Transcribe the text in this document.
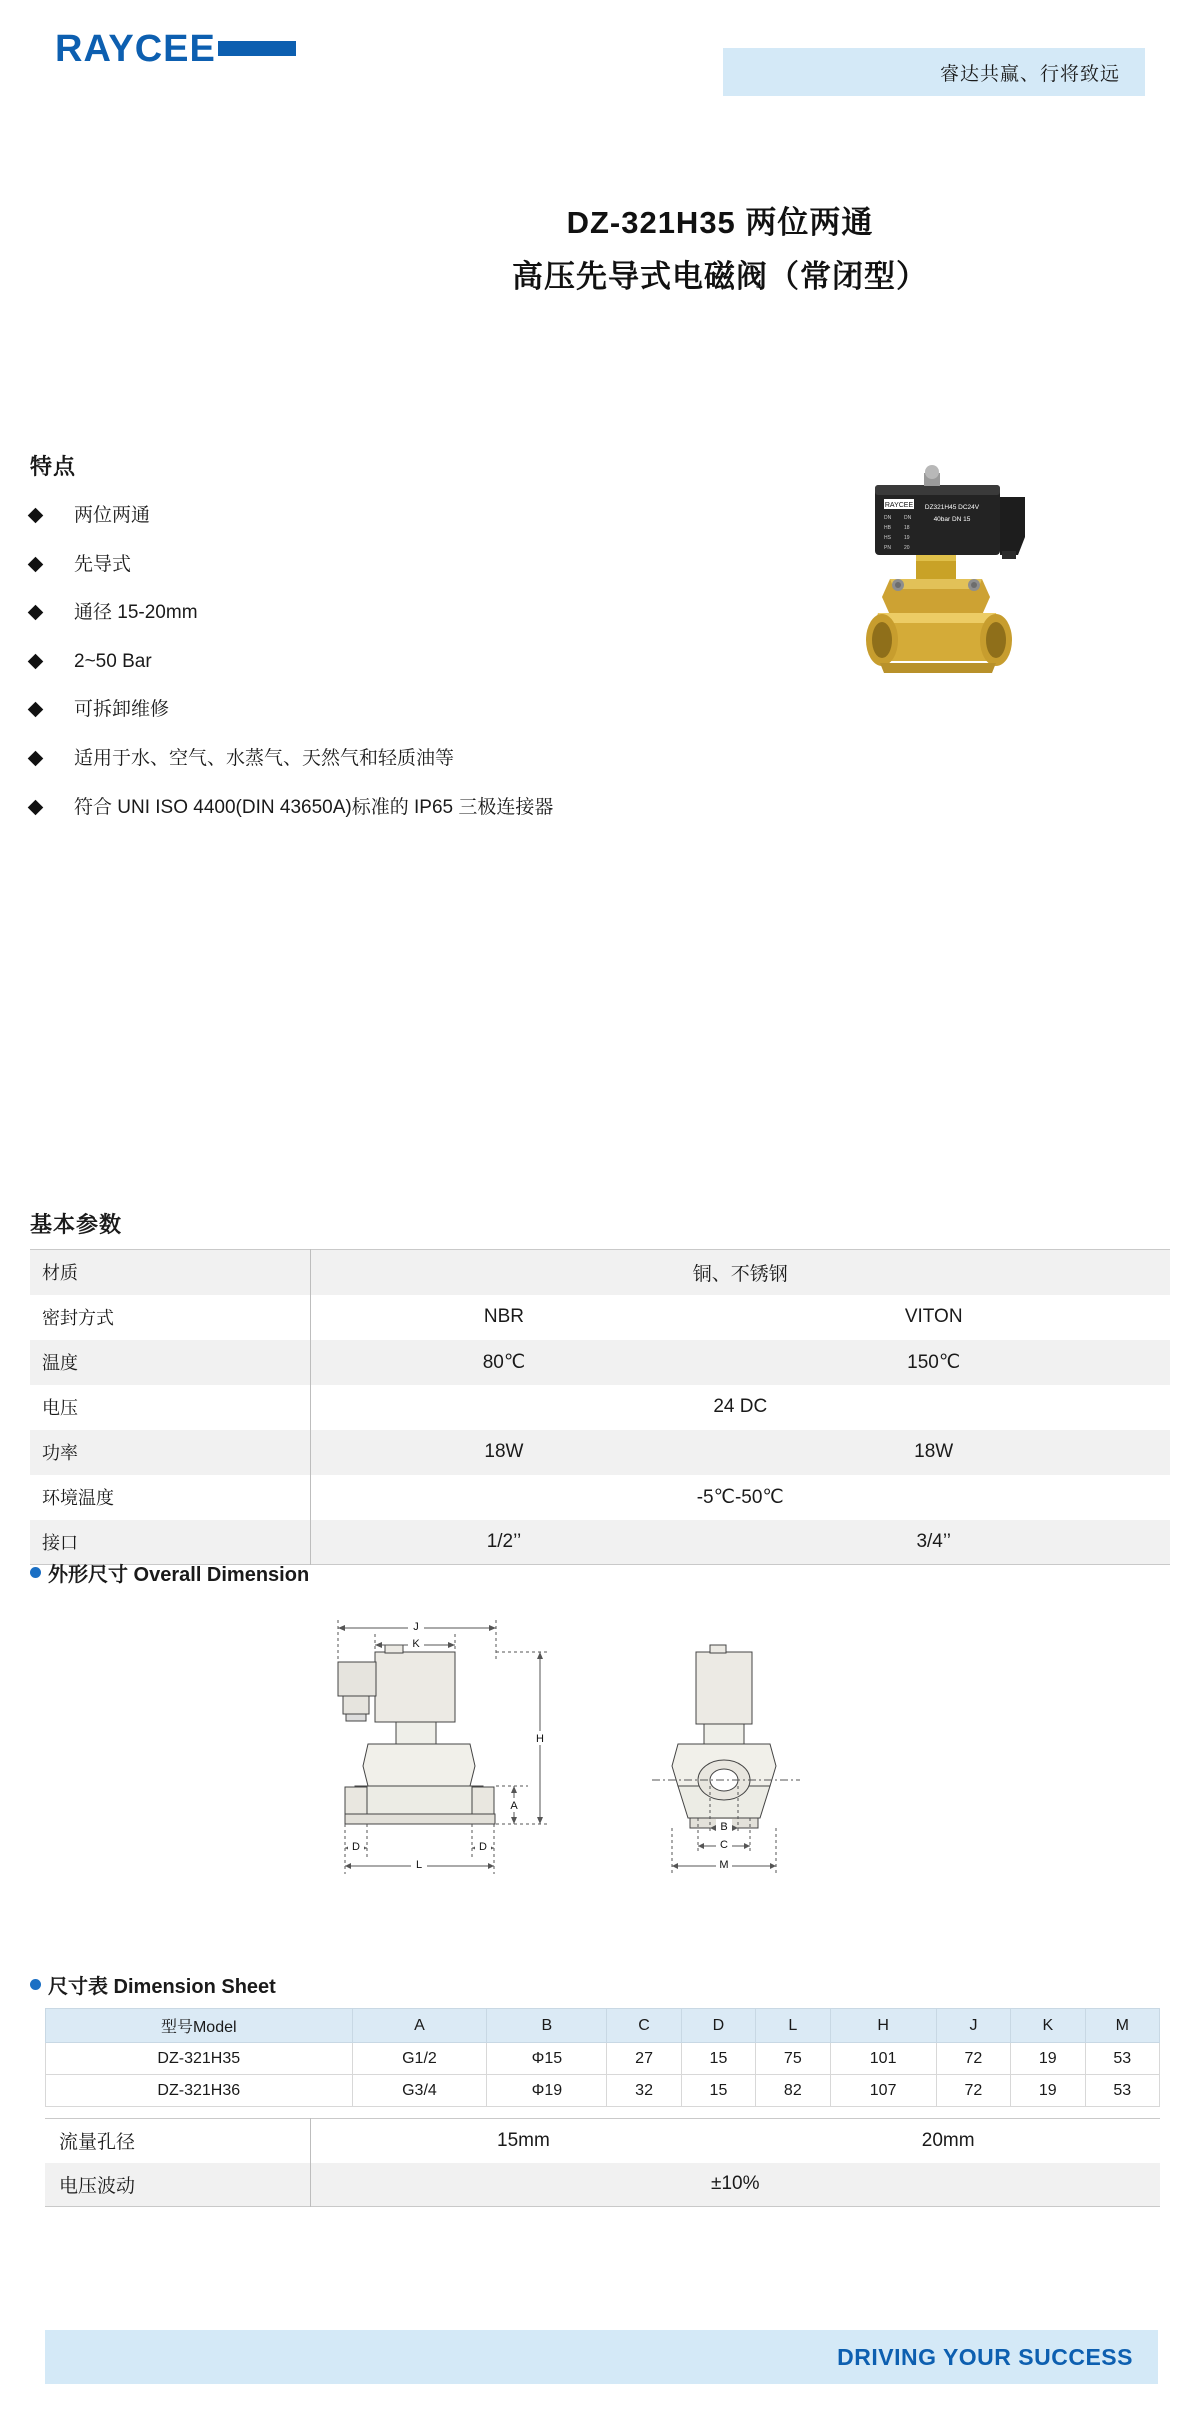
RAYCEE
睿达共赢、行将致远
DZ-321H35 两位两通
高压先导式电磁阀（常闭型）
特点
两位两通
先导式
通径 15-20mm
2~50 Bar
可拆卸维修
适用于水、空气、水蒸气、天然气和轻质油等
符合 UNI ISO 4400(DIN 43650A)标准的 IP65 三极连接器
RAYCEE DZ321H45 DC24V
40bar DN 15
DN
HB
HS
PN
DN
18
19
20
基本参数
材质	铜、不锈钢	
密封方式	NBR	VITON
温度	80℃	150℃
电压	24 DC	
功率	18W	18W
环境温度	-5℃-50℃	
接口	1/2’’	3/4’’
外形尺寸 Overall Dimension
J
K
H
A
D	D
L
B
C
M
尺寸表 Dimension Sheet
型号Model	A	B	C	D	L	H	J	K	M
DZ-321H35	G1/2	Φ15	27	15	75	101	72	19	53
DZ-321H36	G3/4	Φ19	32	15	82	107	72	19	53
流量孔径	15mm	20mm
电压波动	±10%	
DRIVING YOUR SUCCESS
